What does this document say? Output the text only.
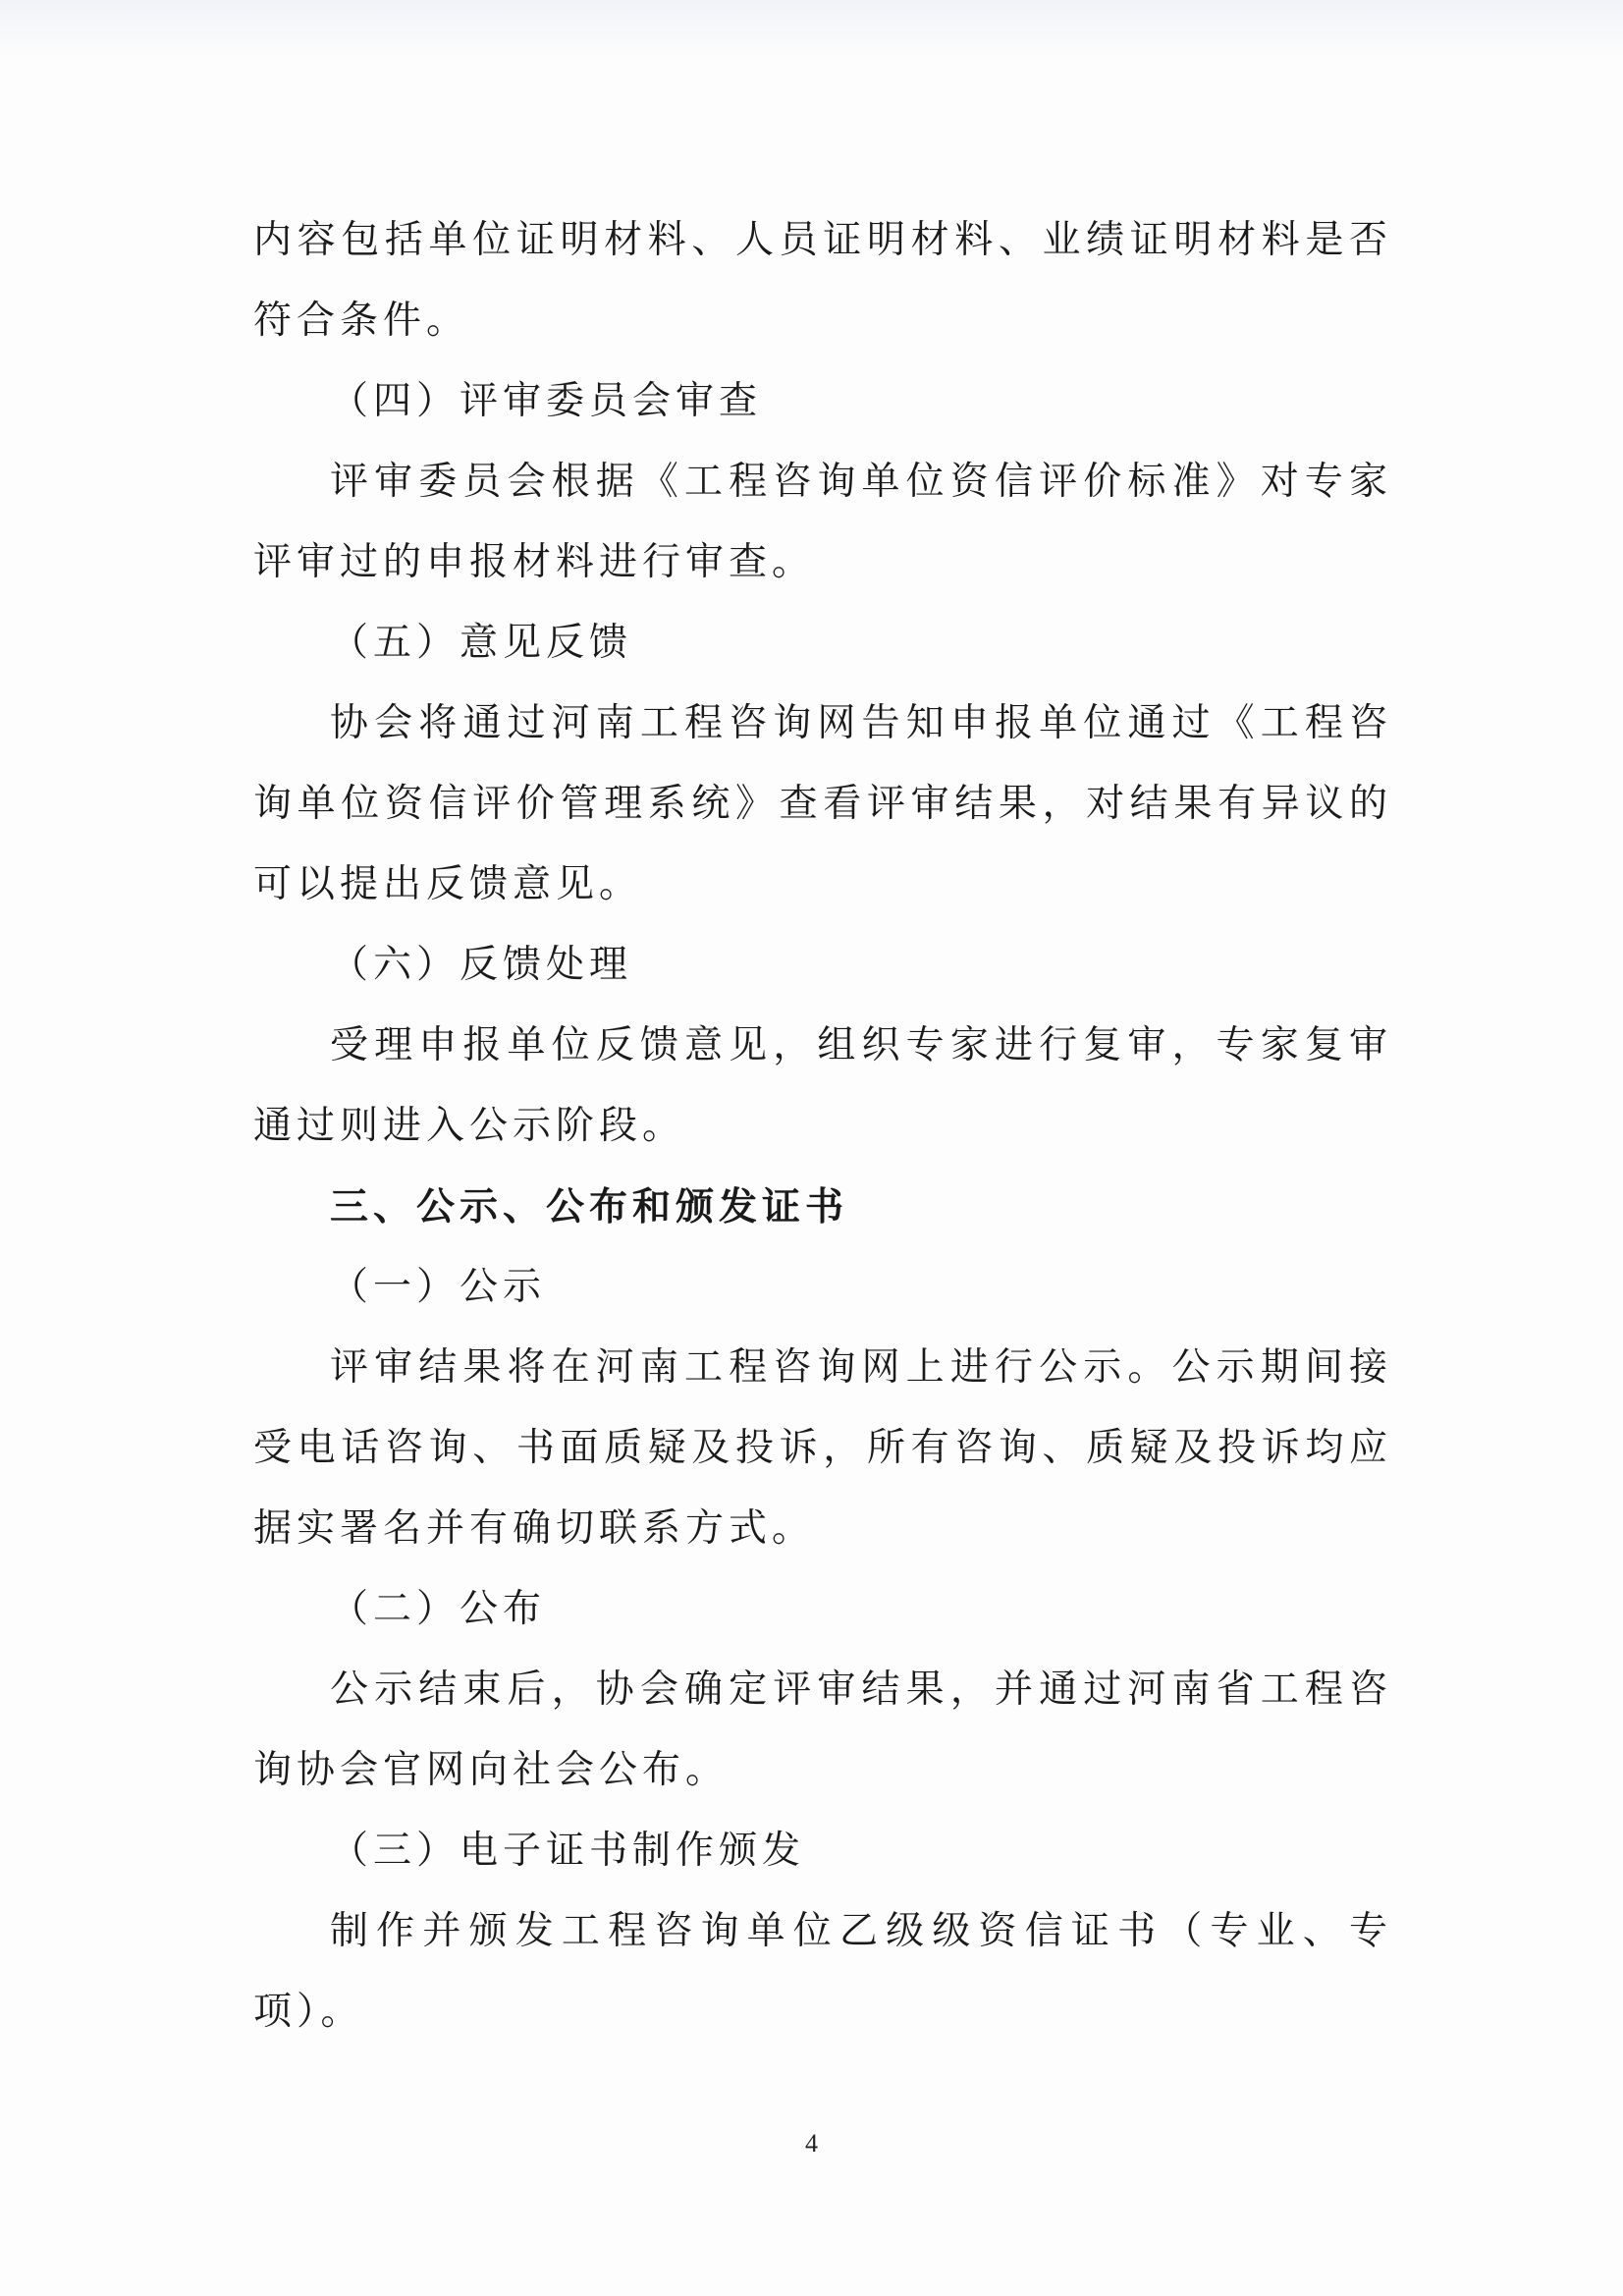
内容包括单位证明材料、人员证明材料、业绩证明材料是否符合条件。

（四）评审委员会审查

评审委员会根据《工程咨询单位资信评价标准》对专家评审过的申报材料进行审查。

（五）意见反馈

协会将通过河南工程咨询网告知申报单位通过《工程咨询单位资信评价管理系统》查看评审结果，对结果有异议的可以提出反馈意见。

（六）反馈处理

受理申报单位反馈意见，组织专家进行复审，专家复审通过则进入公示阶段。

三、公示、公布和颁发证书

（一）公示

评审结果将在河南工程咨询网上进行公示。公示期间接受电话咨询、书面质疑及投诉，所有咨询、质疑及投诉均应据实署名并有确切联系方式。

（二）公布

公示结束后，协会确定评审结果，并通过河南省工程咨询协会官网向社会公布。

（三）电子证书制作颁发

制作并颁发工程咨询单位乙级级资信证书（专业、专项）。

4
